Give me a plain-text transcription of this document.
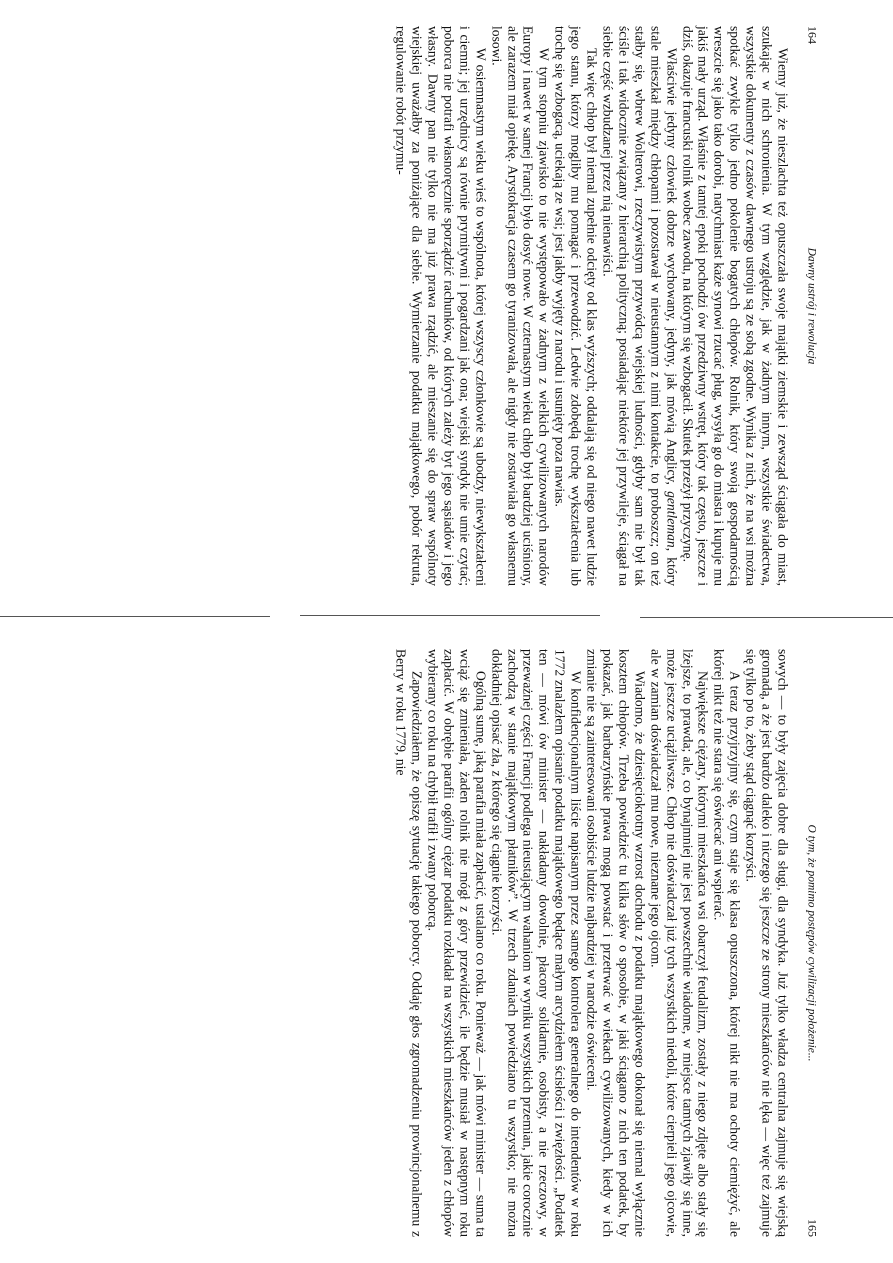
164
Dawny ustrój i rewolucja

Wiemy już, że nieszlachta też opuszczała swoje majątki ziemskie i zewsząd ściągała do miast, szukając w nich schronienia. W tym względzie, jak w żadnym innym, wszystkie świadectwa, wszystkie dokumenty z czasów dawnego ustroju są ze sobą zgodne. Wynika z nich, że na wsi można spotkać zwykle tylko jedno pokolenie bogatych chłopów. Rolnik, który swoją gospodarnością wreszcie się jako tako dorobi, natychmiast każe synowi rzucać pług, wysyła go do miasta i kupuje mu jakiś mały urząd. Właśnie z tamtej epoki pochodzi ów przedziwny wstręt, który tak często, jeszcze i dziś, okazuje francuski rolnik wobec zawodu, na którym się wzbogacił. Skutek przeżył przyczynę.

Właściwie jedyny człowiek dobrze wychowany, jedyny, jak mówią Anglicy, gentleman, który stale mieszkał między chłopami i pozostawał w nieustannym z nimi kontakcie, to proboszcz; on też stałby się, wbrew Wolterowi, rzeczywistym przywódcą wiejskiej ludności, gdyby sam nie był tak ściśle i tak widocznie związany z hierarchią polityczną; posiadając niektóre jej przywileje, ściągał na siebie część wzbudzanej przez nią nienawiści.

Tak więc chłop był niemal zupełnie odcięty od klas wyższych; oddalają się od niego nawet ludzie jego stanu, którzy mogliby mu pomagać i przewodzić. Ledwie zdobędą trochę wykształcenia lub trochę się wzbogacą, uciekają ze wsi; jest jakby wyjęty z narodu i usunięty poza nawias.

W tym stopniu zjawisko to nie występowało w żadnym z wielkich cywilizowanych narodów Europy i nawet w samej Francji było dosyć nowe. W czternastym wieku chłop był bardziej uciśniony, ale zarazem miał opiekę. Arystokracja czasem go tyranizowała, ale nigdy nie zostawiała go własnemu losowi.

W osiemnastym wieku wieś to wspólnota, której wszyscy członkowie są ubodzy, niewykształceni i ciemni; jej urzędnicy są równie prymitywni i pogardzani jak ona; wiejski syndyk nie umie czytać; poborca nie potrafi własnoręcznie sporządzić rachunków, od których zależy byt jego sąsiadów i jego własny. Dawny pan nie tylko nie ma już prawa rządzić, ale mieszanie się do spraw wspólnoty wiejskiej uważałby za poniżające dla siebie. Wymierzanie podatku majątkowego, pobór rekruta, regulowanie robót przymu-

O tym, że pomimo postępów cywilizacji położenie...
165

sowych — to były zajęcia dobre dla sługi, dla syndyka. Już tylko władza centralna zajmuje się wiejską gromadą, a że jest bardzo daleko i niczego się jeszcze ze strony mieszkańców nie lęka — więc też zajmuje się tylko po to, żeby stąd ciągnąć korzyści.

A teraz przyjrzyjmy się, czym staje się klasa opuszczona, której nikt nie ma ochoty ciemiężyć, ale której nikt też nie stara się oświecać ani wspierać.

Największe ciężary, którymi mieszkańca wsi obarczył feudalizm, zostały z niego zdjęte albo stały się lżejsze, to prawda; ale, co bynajmniej nie jest powszechnie wiadome, w miejsce tamtych zjawiły się inne, może jeszcze uciążliwsze. Chłop nie doświadczał już tych wszystkich niedoli, które cierpieli jego ojcowie, ale w zamian doświadczał mu nowe, nieznane jego ojcom.

Wiadomo, że dziesięciokrotny wzrost dochodu z podatku majątkowego dokonał się niemal wyłącznie kosztem chłopów. Trzeba powiedzieć tu kilka słów o sposobie, w jaki ściągano z nich ten podatek, by pokazać, jak barbarzyńskie prawa mogą powstać i przetrwać w wiekach cywilizowanych, kiedy w ich zmianie nie są zainteresowani osobiście ludzie najbardziej w narodzie oświeceni.

W konfidencjonalnym liście napisanym przez samego kontrolera generalnego do intendentów w roku 1772 znalazłem opisanie podatku majątkowego będące małym arcydziełem ścisłości i zwięzłości. „Podatek ten — mówi ów minister — nakładany dowolnie, płacony solidarnie, osobisty, a nie rzeczowy, w przeważnej części Francji podlega nieustającym wahaniom w wyniku wszystkich przemian, jakie corocznie zachodzą w stanie majątkowym płatników”. W trzech zdaniach powiedziano tu wszystko; nie można dokładniej opisać zła, z którego się ciągnie korzyści.

Ogólną sumę, jaką parafia miała zapłacić, ustalano co roku. Ponieważ — jak mówi minister — suma ta wciąż się zmieniała, żaden rolnik nie mógł z góry przewidzieć, ile będzie musiał w następnym roku zapłacić. W obrębie parafii ogólny ciężar podatku rozkładał na wszystkich mieszkańców jeden z chłopów wybierany co roku na chybił trafił i zwany poborcą.

Zapowiedziałem, że opiszę sytuację takiego poborcy. Oddaję głos zgromadzeniu prowincjonalnemu z Berry w roku 1779, nie
